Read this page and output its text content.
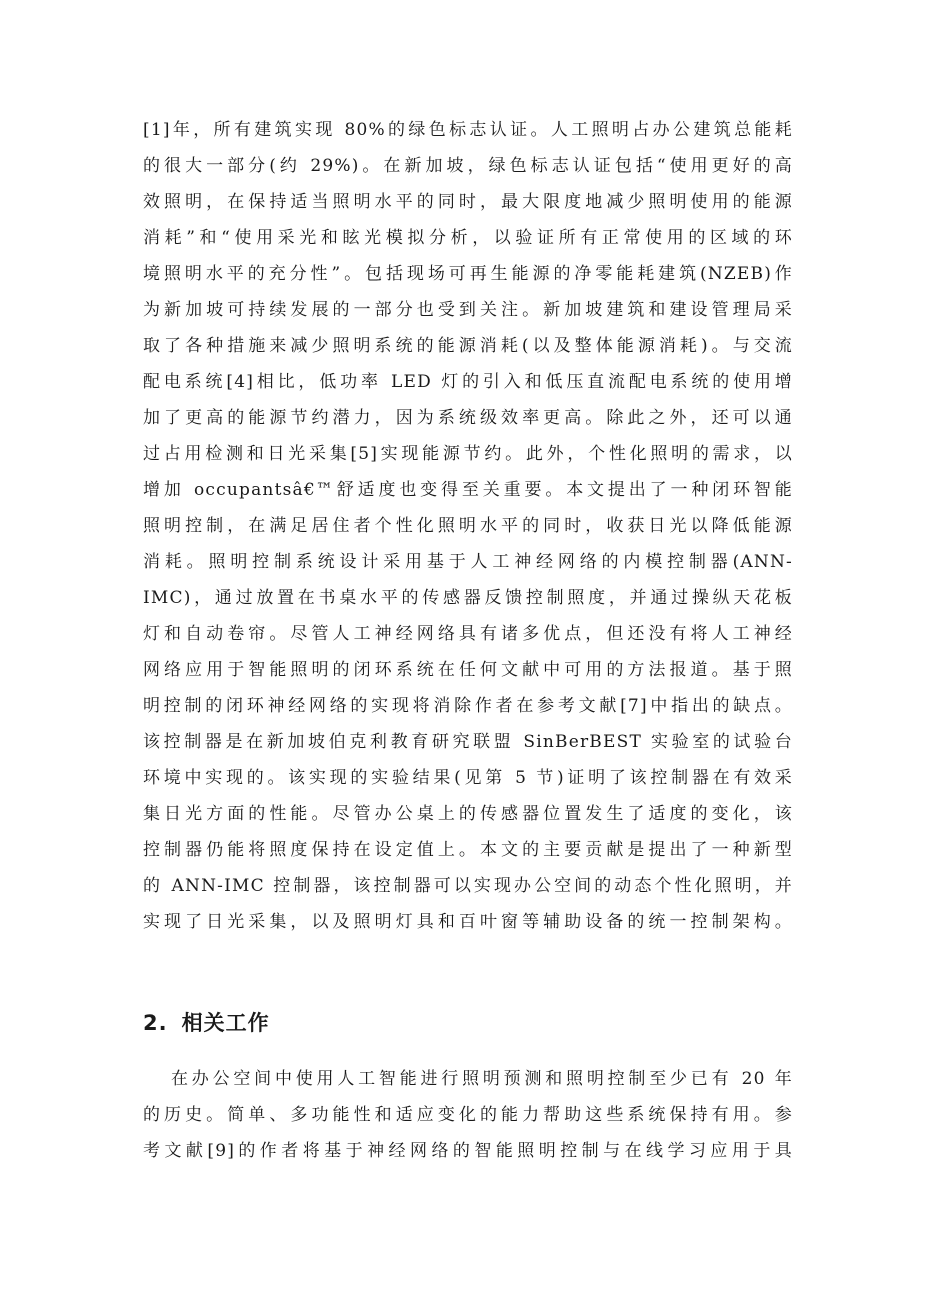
[1]年，所有建筑实现 80%的绿色标志认证。人工照明占办公建筑总能耗
的很大一部分(约 29%)。在新加坡，绿色标志认证包括“使用更好的高
效照明，在保持适当照明水平的同时，最大限度地减少照明使用的能源
消耗”和“使用采光和眩光模拟分析，以验证所有正常使用的区域的环
境照明水平的充分性”。包括现场可再生能源的净零能耗建筑(NZEB)作
为新加坡可持续发展的一部分也受到关注。新加坡建筑和建设管理局采
取了各种措施来减少照明系统的能源消耗(以及整体能源消耗)。与交流
配电系统[4]相比，低功率 LED 灯的引入和低压直流配电系统的使用增
加了更高的能源节约潜力，因为系统级效率更高。除此之外，还可以通
过占用检测和日光采集[5]实现能源节约。此外，个性化照明的需求，以
增加 occupantsâ€™舒适度也变得至关重要。本文提出了一种闭环智能
照明控制，在满足居住者个性化照明水平的同时，收获日光以降低能源
消耗。照明控制系统设计采用基于人工神经网络的内模控制器(ANN-
IMC)，通过放置在书桌水平的传感器反馈控制照度，并通过操纵天花板
灯和自动卷帘。尽管人工神经网络具有诸多优点，但还没有将人工神经
网络应用于智能照明的闭环系统在任何文献中可用的方法报道。基于照
明控制的闭环神经网络的实现将消除作者在参考文献[7]中指出的缺点。
该控制器是在新加坡伯克利教育研究联盟 SinBerBEST 实验室的试验台
环境中实现的。该实现的实验结果(见第 5 节)证明了该控制器在有效采
集日光方面的性能。尽管办公桌上的传感器位置发生了适度的变化，该
控制器仍能将照度保持在设定值上。本文的主要贡献是提出了一种新型
的 ANN-IMC 控制器，该控制器可以实现办公空间的动态个性化照明，并
实现了日光采集，以及照明灯具和百叶窗等辅助设备的统一控制架构。
2. 相关工作
在办公空间中使用人工智能进行照明预测和照明控制至少已有 20 年
的历史。简单、多功能性和适应变化的能力帮助这些系统保持有用。参
考文献[9]的作者将基于神经网络的智能照明控制与在线学习应用于具
